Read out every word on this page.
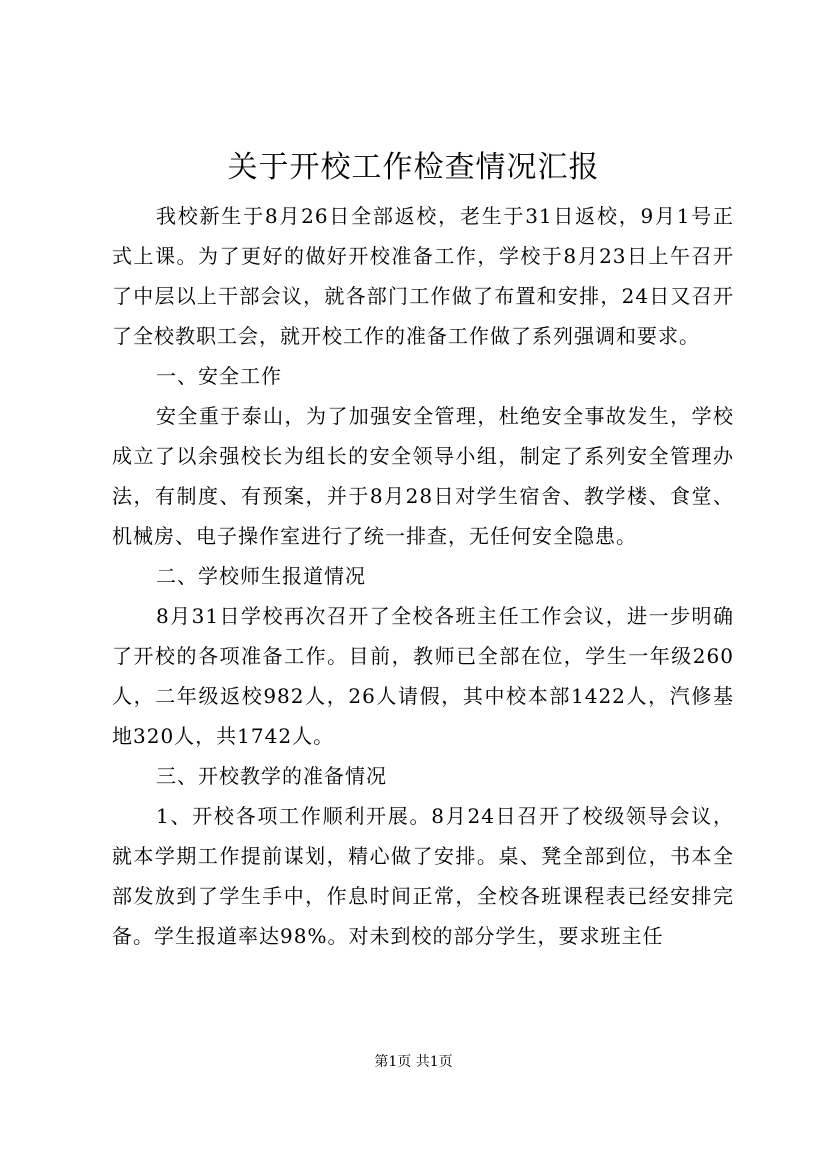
关于开校工作检查情况汇报

我校新生于8月26日全部返校，老生于31日返校，9月1号正式上课。为了更好的做好开校准备工作，学校于8月23日上午召开了中层以上干部会议，就各部门工作做了布置和安排，24日又召开了全校教职工会，就开校工作的准备工作做了系列强调和要求。

一、安全工作

安全重于泰山，为了加强安全管理，杜绝安全事故发生，学校成立了以余强校长为组长的安全领导小组，制定了系列安全管理办法，有制度、有预案，并于8月28日对学生宿舍、教学楼、食堂、机械房、电子操作室进行了统一排查，无任何安全隐患。

二、学校师生报道情况

8月31日学校再次召开了全校各班主任工作会议，进一步明确了开校的各项准备工作。目前，教师已全部在位，学生一年级260人，二年级返校982人，26人请假，其中校本部1422人，汽修基地320人，共1742人。

三、开校教学的准备情况

1、开校各项工作顺利开展。8月24日召开了校级领导会议，就本学期工作提前谋划，精心做了安排。桌、凳全部到位，书本全部发放到了学生手中，作息时间正常，全校各班课程表已经安排完备。学生报道率达98%。对未到校的部分学生，要求班主任

第1页 共1页
